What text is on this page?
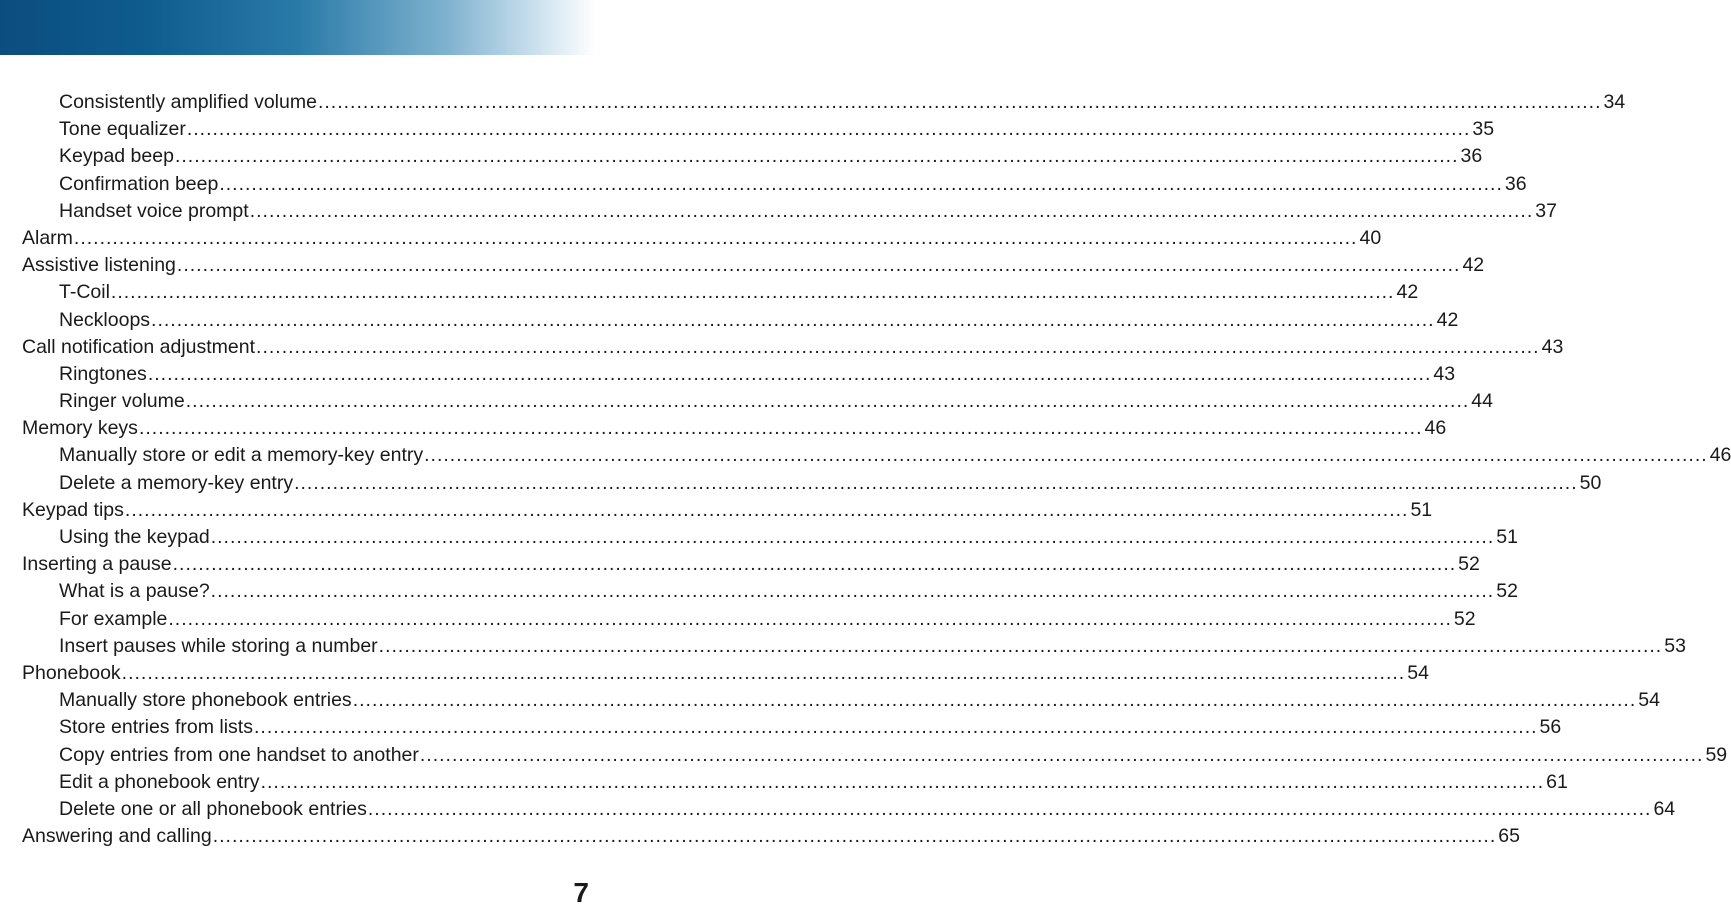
Consistently amplified volume ........................................................................................................................................................................................................ 34
Tone equalizer ........................................................................................................................................................................................................ 35
Keypad beep ........................................................................................................................................................................................................ 36
Confirmation beep ........................................................................................................................................................................................................ 36
Handset voice prompt ........................................................................................................................................................................................................ 37
Alarm ........................................................................................................................................................................................................ 40
Assistive listening ........................................................................................................................................................................................................ 42
T-Coil ........................................................................................................................................................................................................ 42
Neckloops ........................................................................................................................................................................................................ 42
Call notification adjustment ........................................................................................................................................................................................................ 43
Ringtones ........................................................................................................................................................................................................ 43
Ringer volume ........................................................................................................................................................................................................ 44
Memory keys ........................................................................................................................................................................................................ 46
Manually store or edit a memory-key entry ........................................................................................................................................................................................................ 46
Delete a memory-key entry ........................................................................................................................................................................................................ 50
Keypad tips ........................................................................................................................................................................................................ 51
Using the keypad ........................................................................................................................................................................................................ 51
Inserting a pause ........................................................................................................................................................................................................ 52
What is a pause? ........................................................................................................................................................................................................ 52
For example ........................................................................................................................................................................................................ 52
Insert pauses while storing a number ........................................................................................................................................................................................................ 53
Phonebook ........................................................................................................................................................................................................ 54
Manually store phonebook entries ........................................................................................................................................................................................................ 54
Store entries from lists ........................................................................................................................................................................................................ 56
Copy entries from one handset to another ........................................................................................................................................................................................................ 59
Edit a phonebook entry ........................................................................................................................................................................................................ 61
Delete one or all phonebook entries ........................................................................................................................................................................................................ 64
Answering and calling ........................................................................................................................................................................................................ 65
7
